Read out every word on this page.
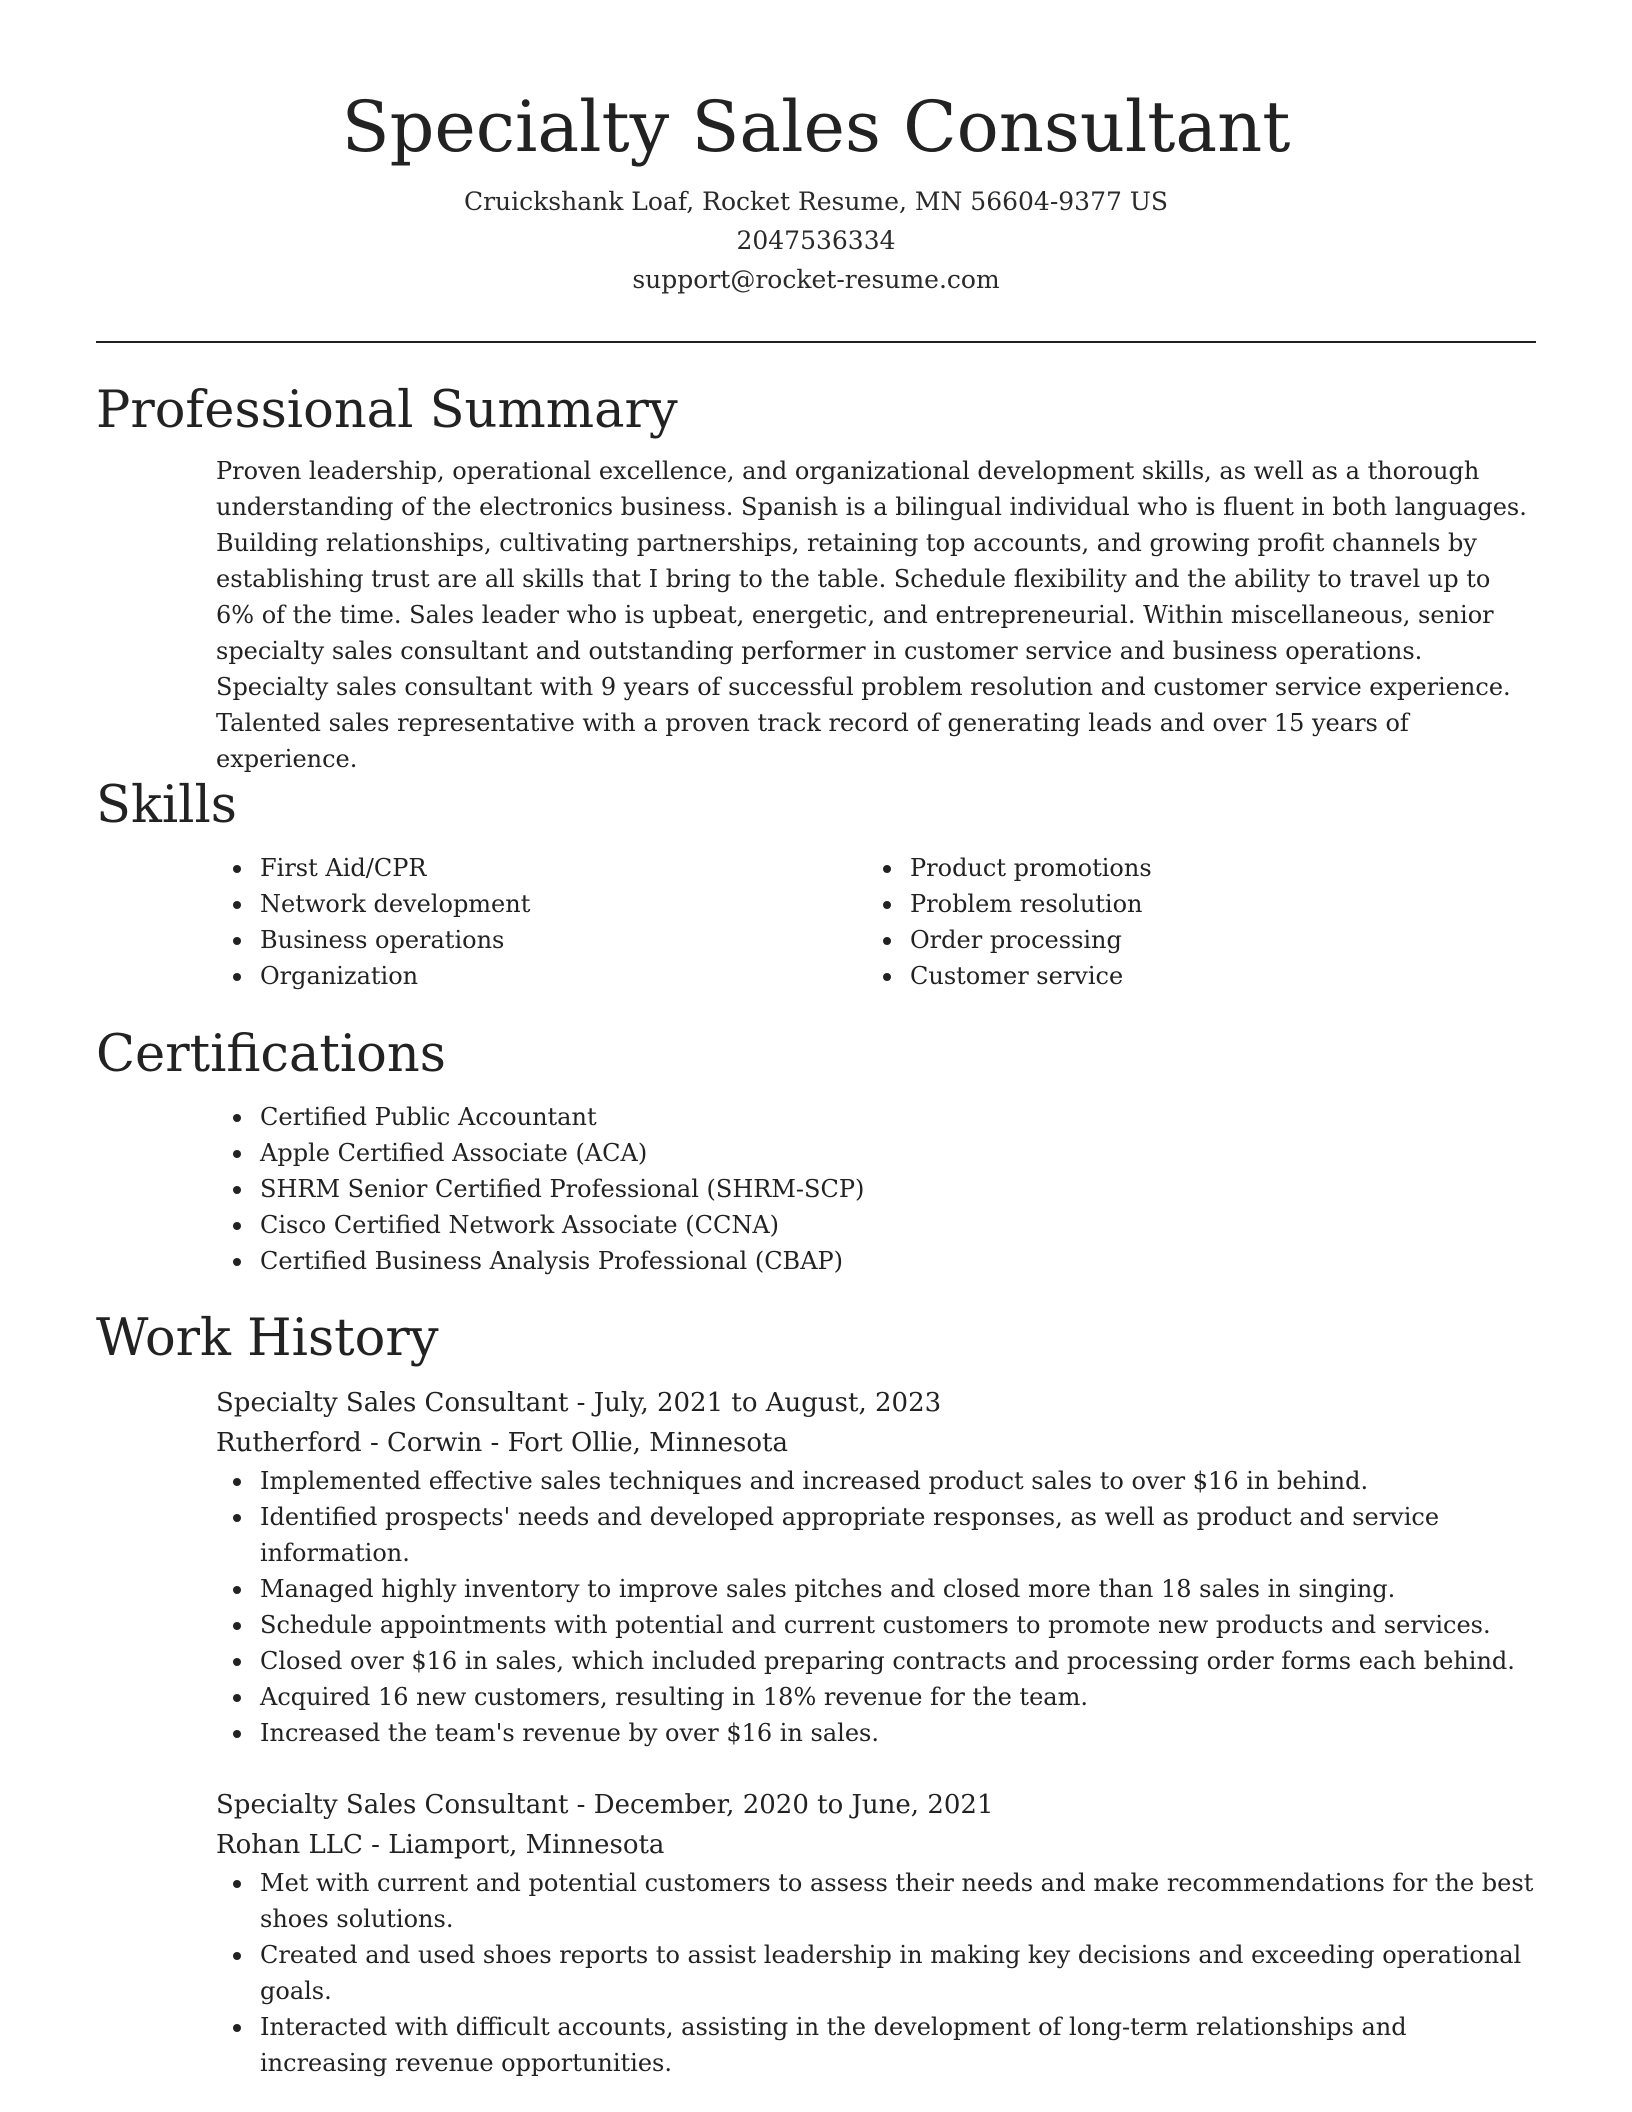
Specialty Sales Consultant
Cruickshank Loaf, Rocket Resume, MN 56604-9377 US
2047536334
support@rocket-resume.com
Professional Summary
Proven leadership, operational excellence, and organizational development skills, as well as a thorough understanding of the electronics business. Spanish is a bilingual individual who is fluent in both languages. Building relationships, cultivating partnerships, retaining top accounts, and growing profit channels by establishing trust are all skills that I bring to the table. Schedule flexibility and the ability to travel up to 6% of the time. Sales leader who is upbeat, energetic, and entrepreneurial. Within miscellaneous, senior specialty sales consultant and outstanding performer in customer service and business operations. Specialty sales consultant with 9 years of successful problem resolution and customer service experience. Talented sales representative with a proven track record of generating leads and over 15 years of experience.
Skills
First Aid/CPR
Network development
Business operations
Organization
Product promotions
Problem resolution
Order processing
Customer service
Certifications
Certified Public Accountant
Apple Certified Associate (ACA)
SHRM Senior Certified Professional (SHRM-SCP)
Cisco Certified Network Associate (CCNA)
Certified Business Analysis Professional (CBAP)
Work History
Specialty Sales Consultant - July, 2021 to August, 2023
Rutherford - Corwin - Fort Ollie, Minnesota
Implemented effective sales techniques and increased product sales to over $16 in behind.
Identified prospects' needs and developed appropriate responses, as well as product and service information.
Managed highly inventory to improve sales pitches and closed more than 18 sales in singing.
Schedule appointments with potential and current customers to promote new products and services.
Closed over $16 in sales, which included preparing contracts and processing order forms each behind.
Acquired 16 new customers, resulting in 18% revenue for the team.
Increased the team's revenue by over $16 in sales.
Specialty Sales Consultant - December, 2020 to June, 2021
Rohan LLC - Liamport, Minnesota
Met with current and potential customers to assess their needs and make recommendations for the best shoes solutions.
Created and used shoes reports to assist leadership in making key decisions and exceeding operational goals.
Interacted with difficult accounts, assisting in the development of long-term relationships and increasing revenue opportunities.
